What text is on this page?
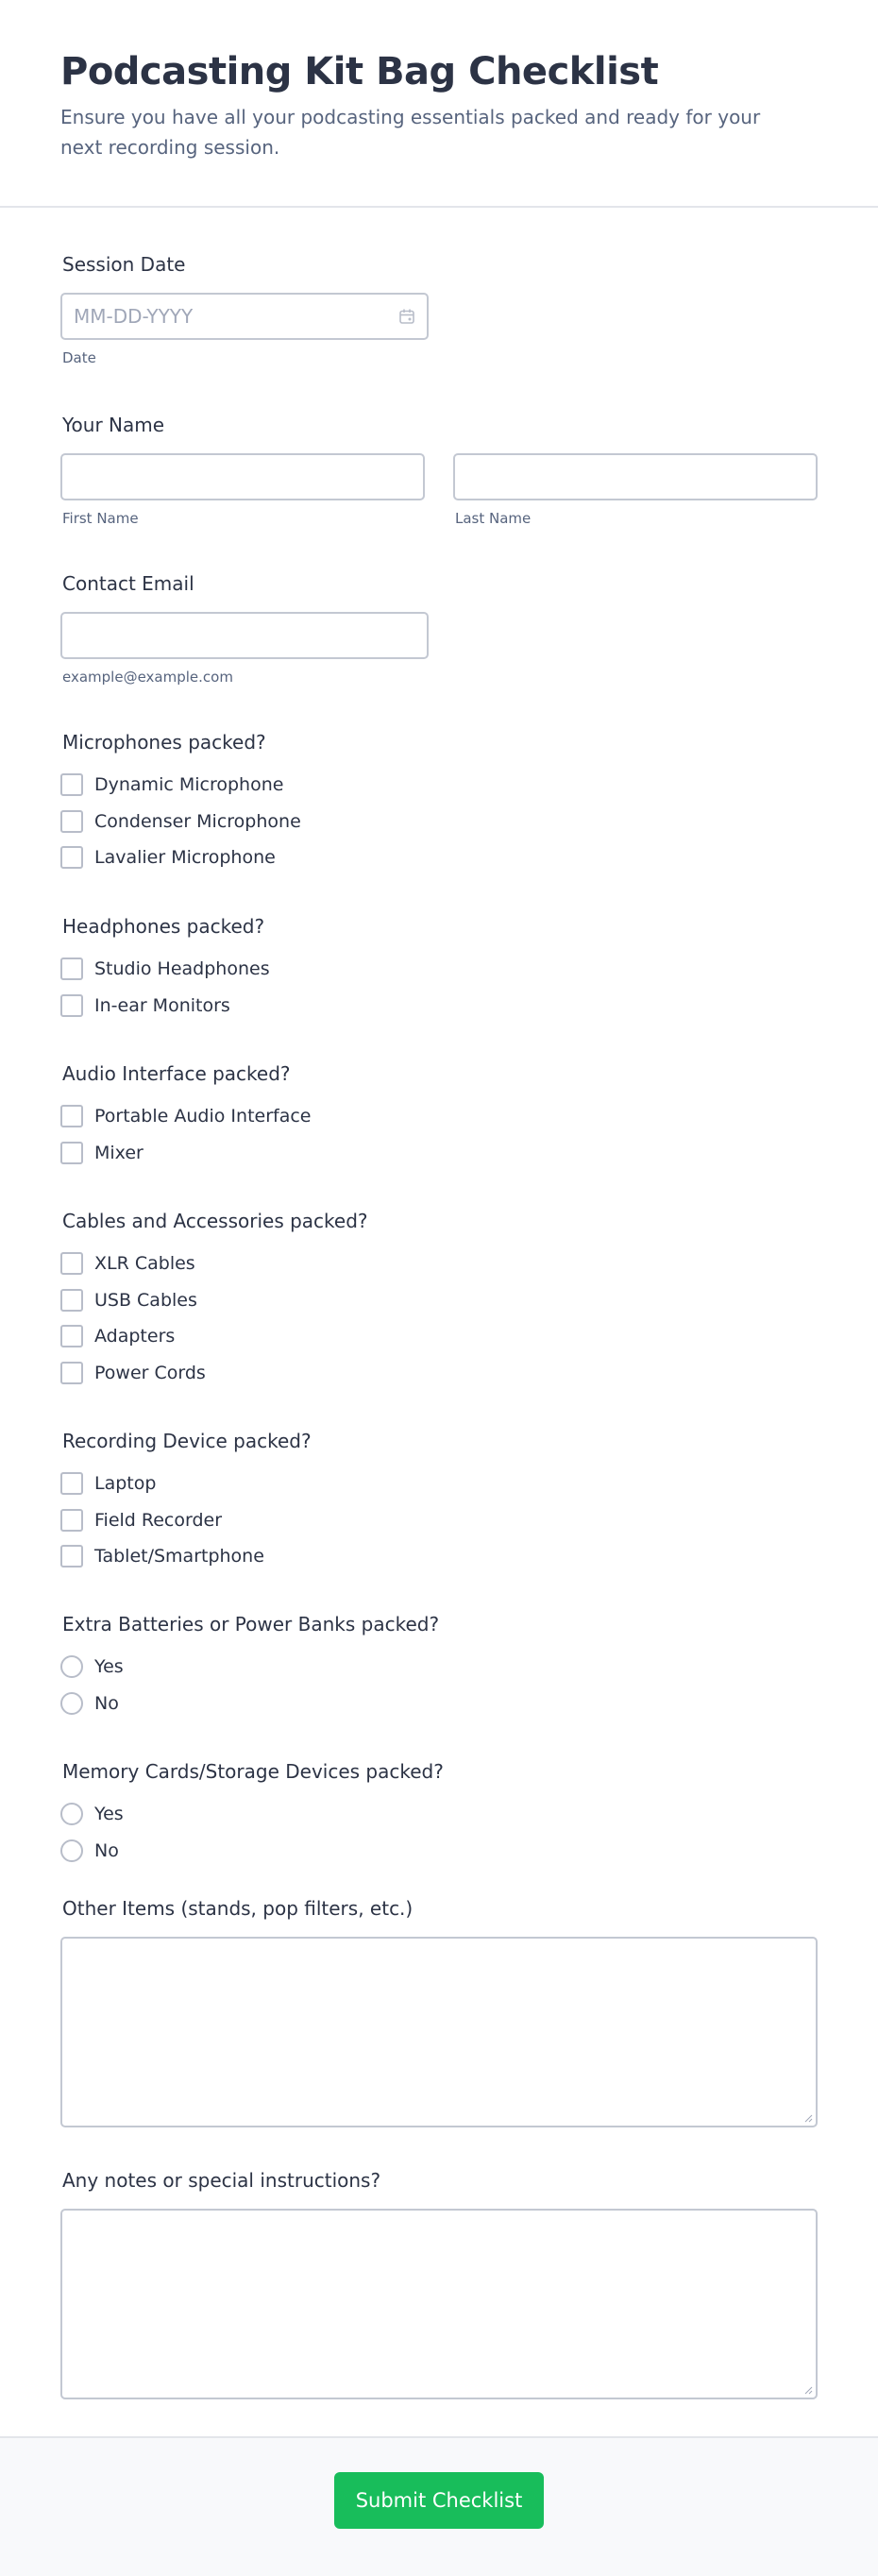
Podcasting Kit Bag Checklist

Ensure you have all your podcasting essentials packed and ready for your next recording session.

Session Date
MM-DD-YYYY
Date
Your Name
First Name	Last Name
Contact Email
example@example.com
Microphones packed?
Dynamic Microphone
Condenser Microphone
Lavalier Microphone
Headphones packed?
Studio Headphones
In-ear Monitors
Audio Interface packed?
Portable Audio Interface
Mixer
Cables and Accessories packed?
XLR Cables
USB Cables
Adapters
Power Cords
Recording Device packed?
Laptop
Field Recorder
Tablet/Smartphone
Extra Batteries or Power Banks packed?
Yes
No
Memory Cards/Storage Devices packed?
Yes
No
Other Items (stands, pop filters, etc.)
Any notes or special instructions?
Submit Checklist
